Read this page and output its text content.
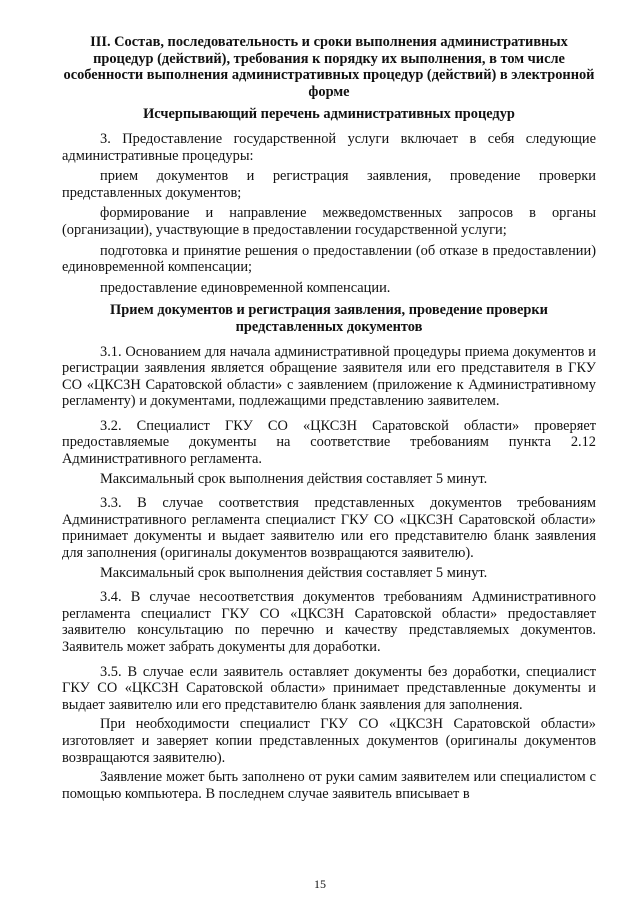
III. Состав, последовательность и сроки выполнения административных процедур (действий), требования к порядку их выполнения, в том числе особенности выполнения административных процедур (действий) в электронной форме

Исчерпывающий перечень административных процедур

3. Предоставление государственной услуги включает в себя следующие административные процедуры:

прием документов и регистрация заявления, проведение проверки представленных документов;

формирование и направление межведомственных запросов в органы (организации), участвующие в предоставлении государственной услуги;

подготовка и принятие решения о предоставлении (об отказе в предоставлении) единовременной компенсации;

предоставление единовременной компенсации.

Прием документов и регистрация заявления, проведение проверки представленных документов

3.1. Основанием для начала административной процедуры приема документов и регистрации заявления является обращение заявителя или его представителя в ГКУ СО «ЦКСЗН Саратовской области» с заявлением (приложение к Административному регламенту) и документами, подлежащими представлению заявителем.

3.2. Специалист ГКУ СО «ЦКСЗН Саратовской области» проверяет предоставляемые документы на соответствие требованиям пункта 2.12 Административного регламента.

Максимальный срок выполнения действия составляет 5 минут.

3.3. В случае соответствия представленных документов требованиям Административного регламента специалист ГКУ СО «ЦКСЗН Саратовской области» принимает документы и выдает заявителю или его представителю бланк заявления для заполнения (оригиналы документов возвращаются заявителю).

Максимальный срок выполнения действия составляет 5 минут.

3.4. В случае несоответствия документов требованиям Административного регламента специалист ГКУ СО «ЦКСЗН Саратовской области» предоставляет заявителю консультацию по перечню и качеству представляемых документов. Заявитель может забрать документы для доработки.

3.5. В случае если заявитель оставляет документы без доработки, специалист ГКУ СО «ЦКСЗН Саратовской области» принимает представленные документы и выдает заявителю или его представителю бланк заявления для заполнения.

При необходимости специалист ГКУ СО «ЦКСЗН Саратовской области» изготовляет и заверяет копии представленных документов (оригиналы документов возвращаются заявителю).

Заявление может быть заполнено от руки самим заявителем или специалистом с помощью компьютера. В последнем случае заявитель вписывает в

15
